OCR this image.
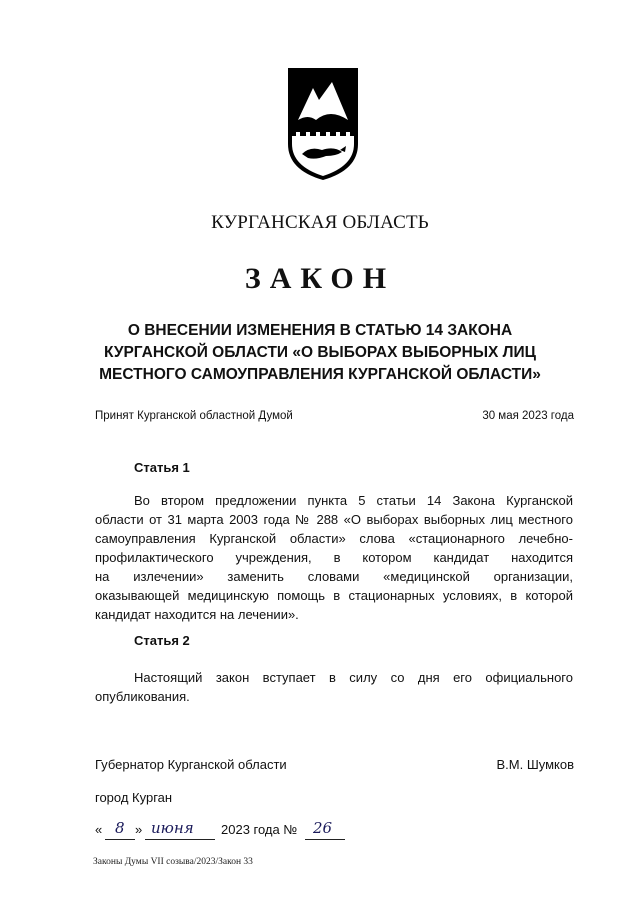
КУРГАНСКАЯ ОБЛАСТЬ
ЗАКОН
О ВНЕСЕНИИ ИЗМЕНЕНИЯ В СТАТЬЮ 14 ЗАКОНА
КУРГАНСКОЙ ОБЛАСТИ «О ВЫБОРАХ ВЫБОРНЫХ ЛИЦ
МЕСТНОГО САМОУПРАВЛЕНИЯ КУРГАНСКОЙ ОБЛАСТИ»
Принят Курганской областной Думой	30 мая 2023 года
Статья 1
Во втором предложении пункта 5 статьи 14 Закона Курганской
области от 31 марта 2003 года № 288 «О выборах выборных лиц местного
самоуправления Курганской области» слова «стационарного лечебно-
профилактического учреждения, в котором кандидат находится
на излечении» заменить словами «медицинской организации,
оказывающей медицинскую помощь в стационарных условиях, в которой
кандидат находится на лечении».
Статья 2
Настоящий закон вступает в силу со дня его официального
опубликования.
Губернатор Курганской области	В.М. Шумков
город Курган
« 8 » июня 2023 года № 26
Законы Думы VII созыва/2023/Закон 33
